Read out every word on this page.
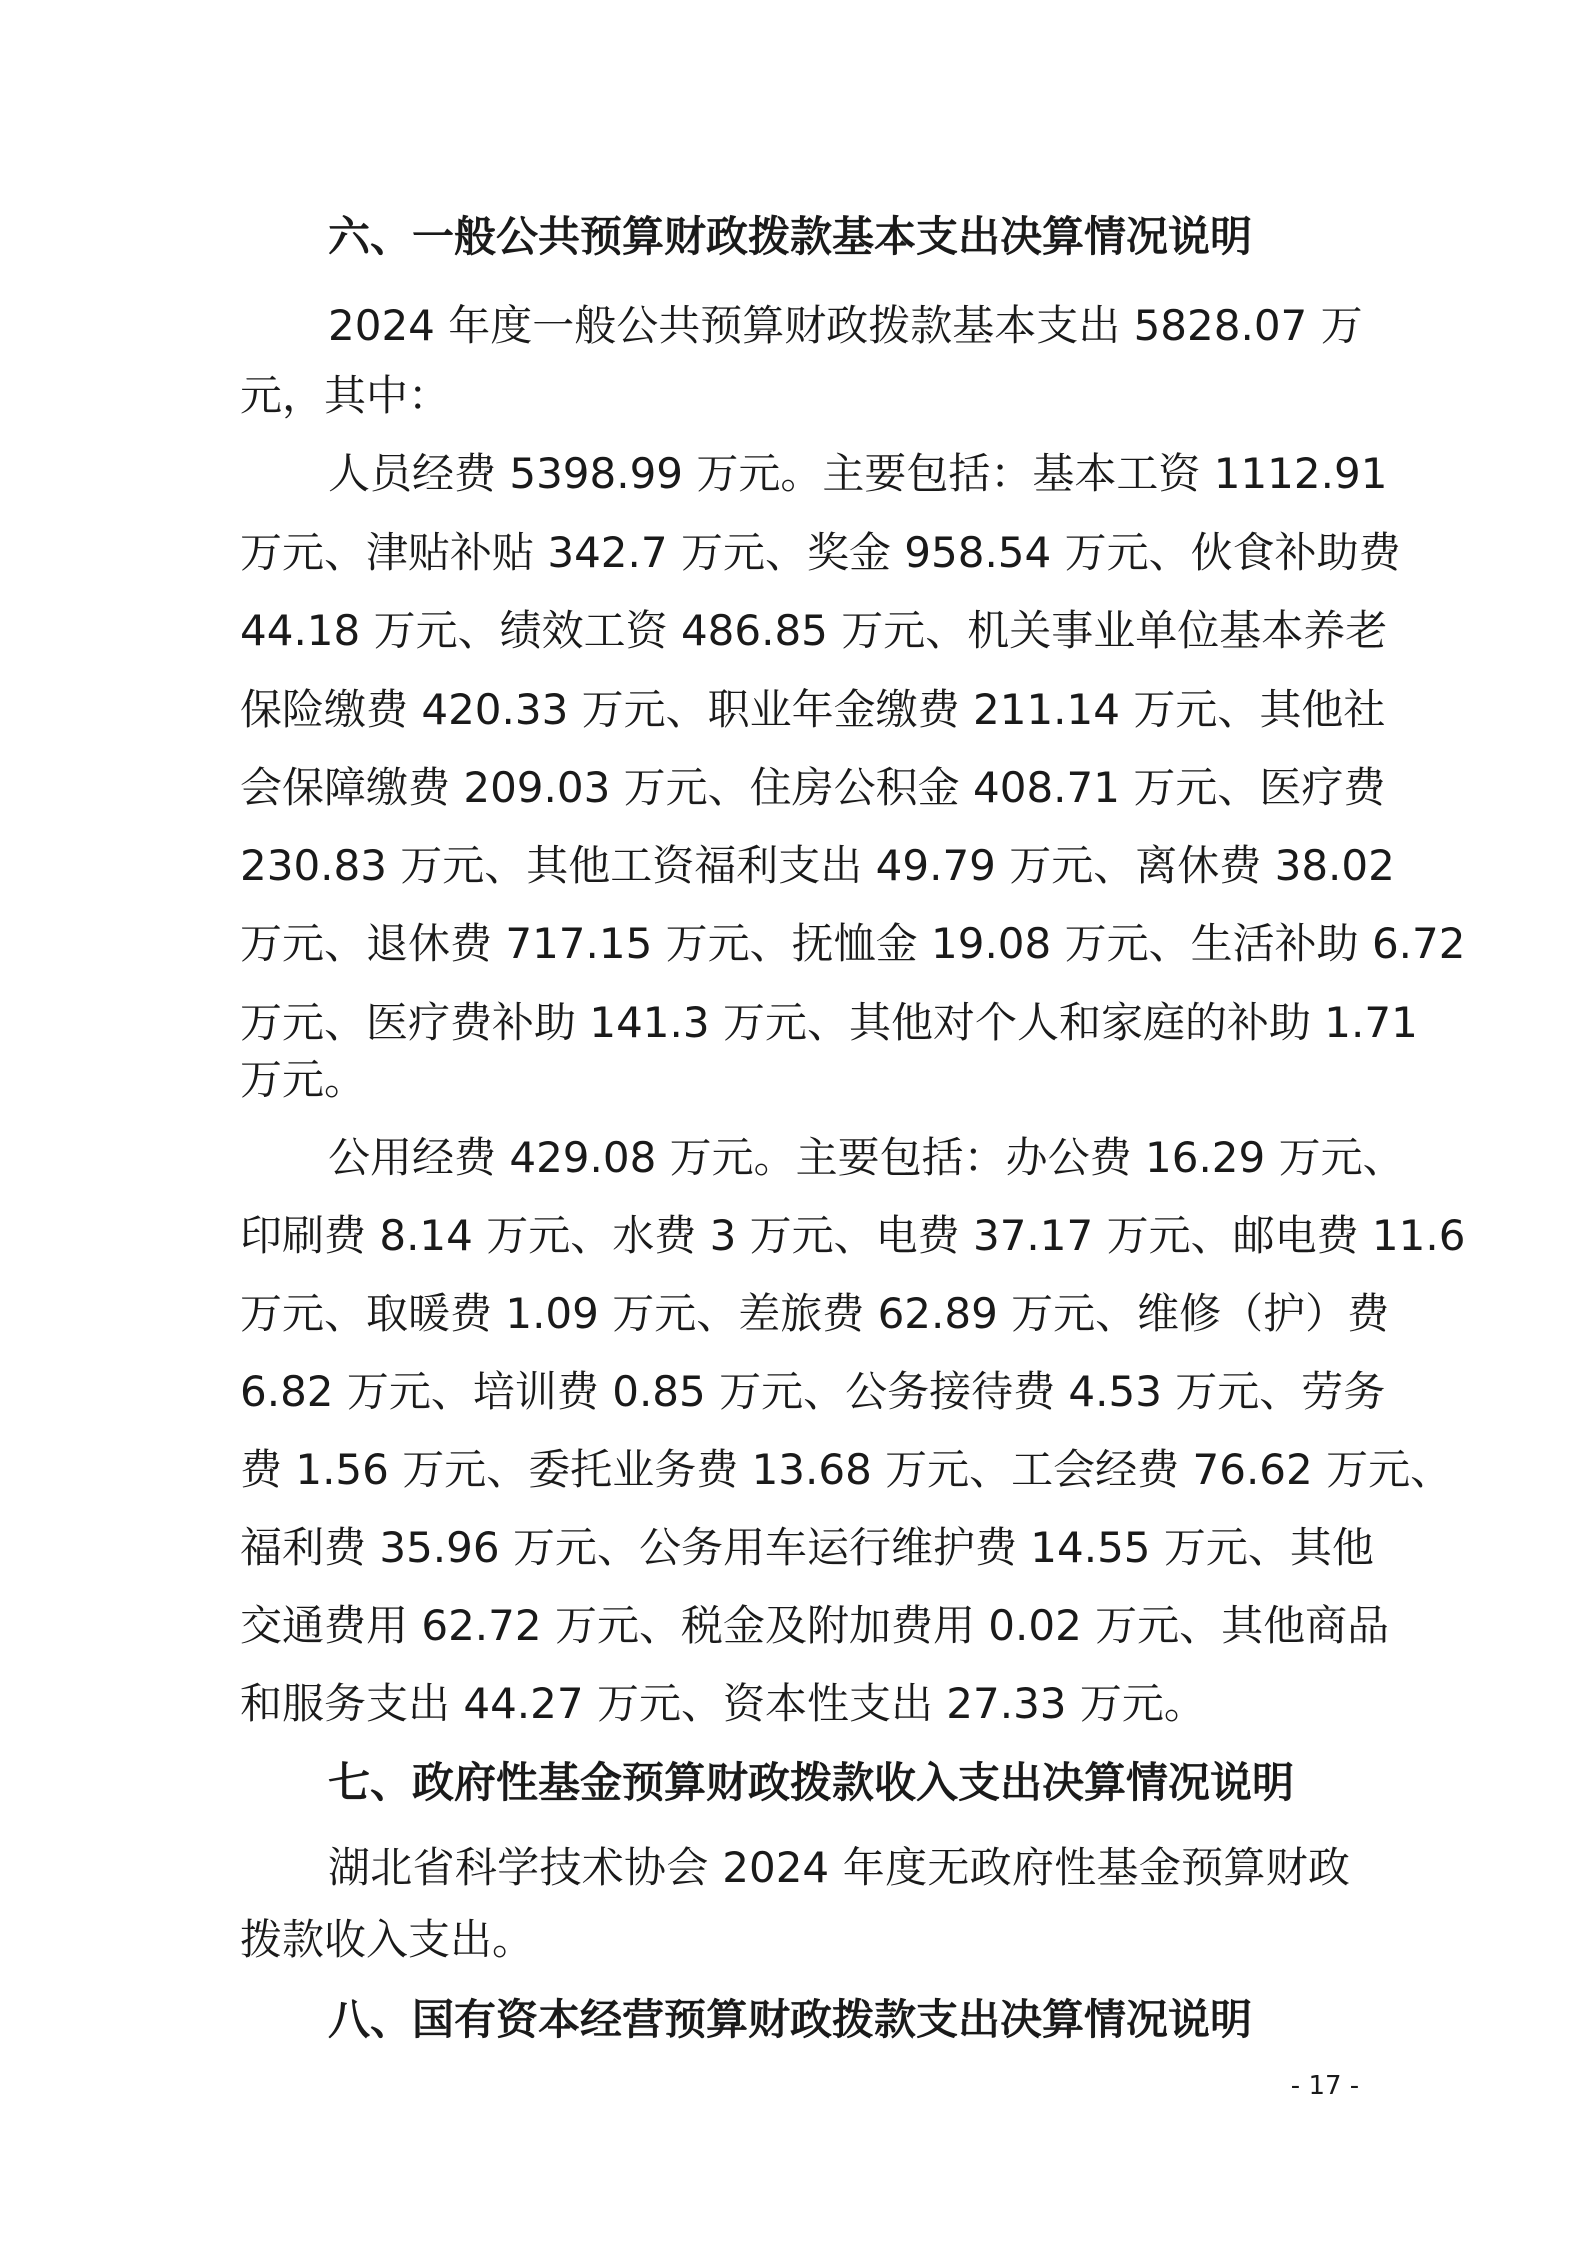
六、一般公共预算财政拨款基本支出决算情况说明
2024 年度一般公共预算财政拨款基本支出 5828.07 万
元，其中：
人员经费 5398.99 万元。主要包括：基本工资 1112.91
万元、津贴补贴 342.7 万元、奖金 958.54 万元、伙食补助费
44.18 万元、绩效工资 486.85 万元、机关事业单位基本养老
保险缴费 420.33 万元、职业年金缴费 211.14 万元、其他社
会保障缴费 209.03 万元、住房公积金 408.71 万元、医疗费
230.83 万元、其他工资福利支出 49.79 万元、离休费 38.02
万元、退休费 717.15 万元、抚恤金 19.08 万元、生活补助 6.72
万元、医疗费补助 141.3 万元、其他对个人和家庭的补助 1.71
万元。
公用经费 429.08 万元。主要包括：办公费 16.29 万元、
印刷费 8.14 万元、水费 3 万元、电费 37.17 万元、邮电费 11.6
万元、取暖费 1.09 万元、差旅费 62.89 万元、维修（护）费
6.82 万元、培训费 0.85 万元、公务接待费 4.53 万元、劳务
费 1.56 万元、委托业务费 13.68 万元、工会经费 76.62 万元、
福利费 35.96 万元、公务用车运行维护费 14.55 万元、其他
交通费用 62.72 万元、税金及附加费用 0.02 万元、其他商品
和服务支出 44.27 万元、资本性支出 27.33 万元。
七、政府性基金预算财政拨款收入支出决算情况说明
湖北省科学技术协会 2024 年度无政府性基金预算财政
拨款收入支出。
八、国有资本经营预算财政拨款支出决算情况说明
- 17 -
